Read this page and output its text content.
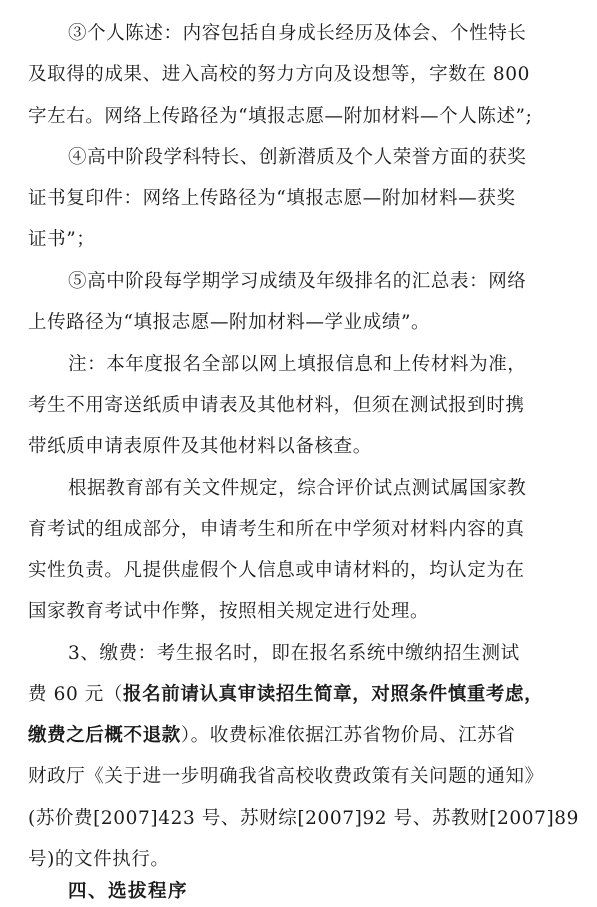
③个人陈述：内容包括自身成长经历及体会、个性特长
及取得的成果、进入高校的努力方向及设想等，字数在 800
字左右。网络上传路径为“填报志愿—附加材料—个人陈述”;
④高中阶段学科特长、创新潜质及个人荣誉方面的获奖
证书复印件：网络上传路径为“填报志愿—附加材料—获奖
证书”；
⑤高中阶段每学期学习成绩及年级排名的汇总表：网络
上传路径为“填报志愿—附加材料—学业成绩”。
注：本年度报名全部以网上填报信息和上传材料为准，
考生不用寄送纸质申请表及其他材料，但须在测试报到时携
带纸质申请表原件及其他材料以备核查。
根据教育部有关文件规定，综合评价试点测试属国家教
育考试的组成部分，申请考生和所在中学须对材料内容的真
实性负责。凡提供虚假个人信息或申请材料的，均认定为在
国家教育考试中作弊，按照相关规定进行处理。
3、缴费：考生报名时，即在报名系统中缴纳招生测试
费 60 元（报名前请认真审读招生简章，对照条件慎重考虑，
缴费之后概不退款）。收费标准依据江苏省物价局、江苏省
财政厅《关于进一步明确我省高校收费政策有关问题的通知》
(苏价费[2007]423 号、苏财综[2007]92 号、苏教财[2007]89
号)的文件执行。
四、选拔程序
